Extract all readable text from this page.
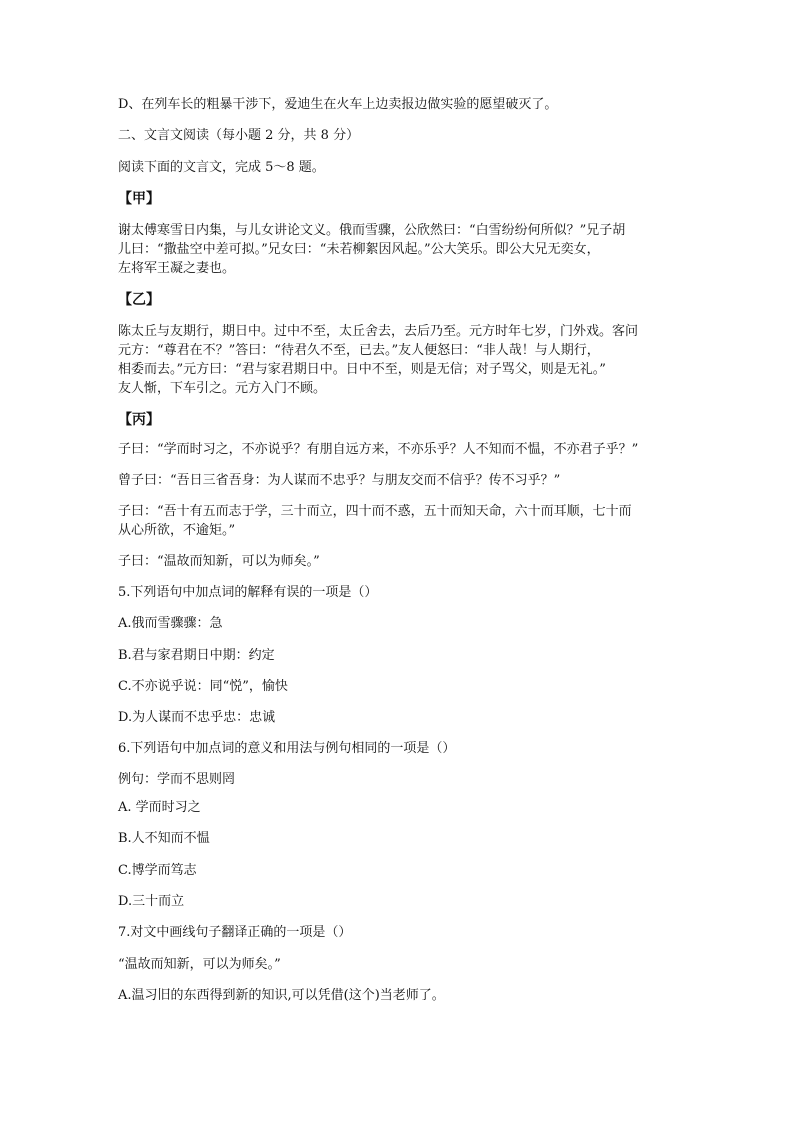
D、在列车长的粗暴干涉下，爱迪生在火车上边卖报边做实验的愿望破灭了。
二、文言文阅读（每小题 2 分，共 8 分）
阅读下面的文言文，完成 5～8 题。
【甲】
谢太傅寒雪日内集，与儿女讲论文义。俄而雪骤，公欣然曰：“白雪纷纷何所似？”兄子胡
儿曰：“撒盐空中差可拟。”兄女曰：“未若柳絮因风起。”公大笑乐。即公大兄无奕女，
左将军王凝之妻也。
【乙】
陈太丘与友期行，期日中。过中不至，太丘舍去，去后乃至。元方时年七岁，门外戏。客问
元方：“尊君在不？”答曰：“待君久不至，已去。”友人便怒曰：“非人哉！与人期行，
相委而去。”元方曰：“君与家君期日中。日中不至，则是无信；对子骂父，则是无礼。”
友人惭，下车引之。元方入门不顾。
【丙】
子曰：“学而时习之，不亦说乎？有朋自远方来，不亦乐乎？人不知而不愠，不亦君子乎？”
曾子曰：“吾日三省吾身：为人谋而不忠乎？与朋友交而不信乎？传不习乎？”
子曰：“吾十有五而志于学，三十而立，四十而不惑，五十而知天命，六十而耳顺，七十而
从心所欲，不逾矩。”
子曰：“温故而知新，可以为师矣。”
5.下列语句中加点词的解释有误的一项是（）
A.俄而雪骤骤：急
B.君与家君期日中期：约定
C.不亦说乎说：同“悦”，愉快
D.为人谋而不忠乎忠：忠诚
6.下列语句中加点词的意义和用法与例句相同的一项是（）
例句：学而不思则罔
A. 学而时习之
B.人不知而不愠
C.博学而笃志
D.三十而立
7.对文中画线句子翻译正确的一项是（）
“温故而知新，可以为师矣。”
A.温习旧的东西得到新的知识,可以凭借(这个)当老师了。
